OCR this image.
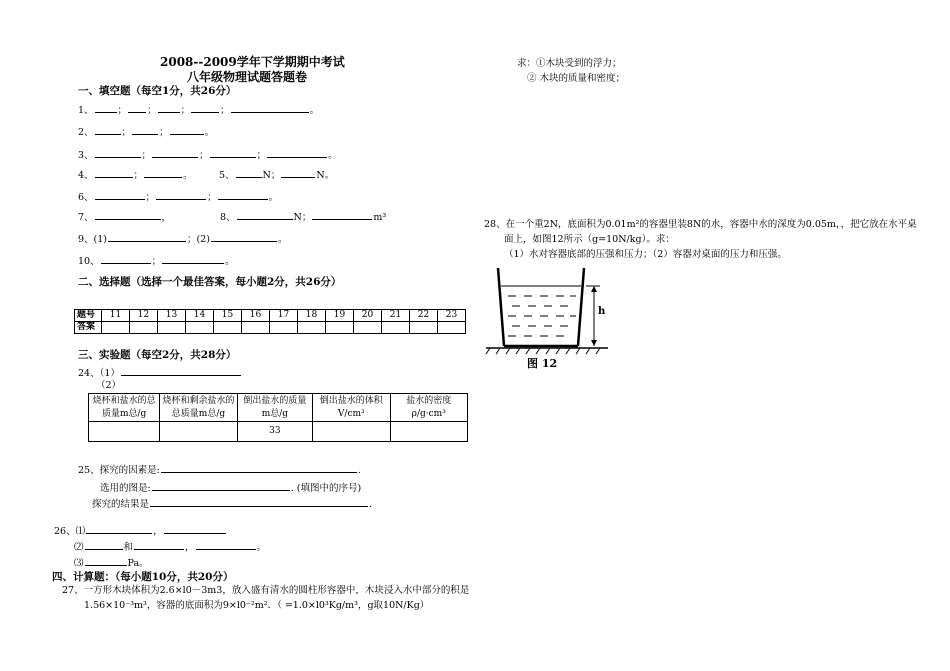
2008--2009学年下学期期中考试
八年级物理试题答题卷
一、填空题（每空1分，共26分）
1、	； ；	；	；	。
2、	；	；	。
3、	；	；	；	。
4、	；	。	5、	N；	N。
6、	；	；	。
7、	，	8、	N；	m³
9、(1)	；(2)	。
10、	；	。
二、选择题（选择一个最佳答案，每小题2分，共26分）
题号	11	12	13	14	15	16	17	18	19	20	21	22	23
答案													
三、实验题（每空2分，共28分）
24、（1）
（2）
烧杯和盐水的总质量m总/g	烧杯和剩余盐水的总质量m总/g	倒出盐水的质量m总/g	倒出盐水的体积V/cm³	盐水的密度ρ/g·cm³
		33		
25、探究的因素是:	.
选用的图是:	. (填图中的序号)
探究的结果是	.
26、⑴	，
⑵	和	，	。
⑶	Pa。
四、计算题：（每小题10分，共20分）
27、一方形木块体积为2.6×l0－3m3，放入盛有清水的圆柱形容器中，木块浸入水中部分的积是
1.56×10⁻³m³，容器的底面积为9×l0⁻²m²．（ =1.0×l0³Kg/m³，g取10N/Kg）
求：①木块受到的浮力；
② 木块的质量和密度；
28、在一个重2N，底面积为0.01m²的容器里装8N的水，容器中水的深度为0.05m，，把它放在水平桌
面上，如图12所示（g=10N/kg）。求：
（1）水对容器底部的压强和压力；（2）容器对桌面的压力和压强。
h
图 12
